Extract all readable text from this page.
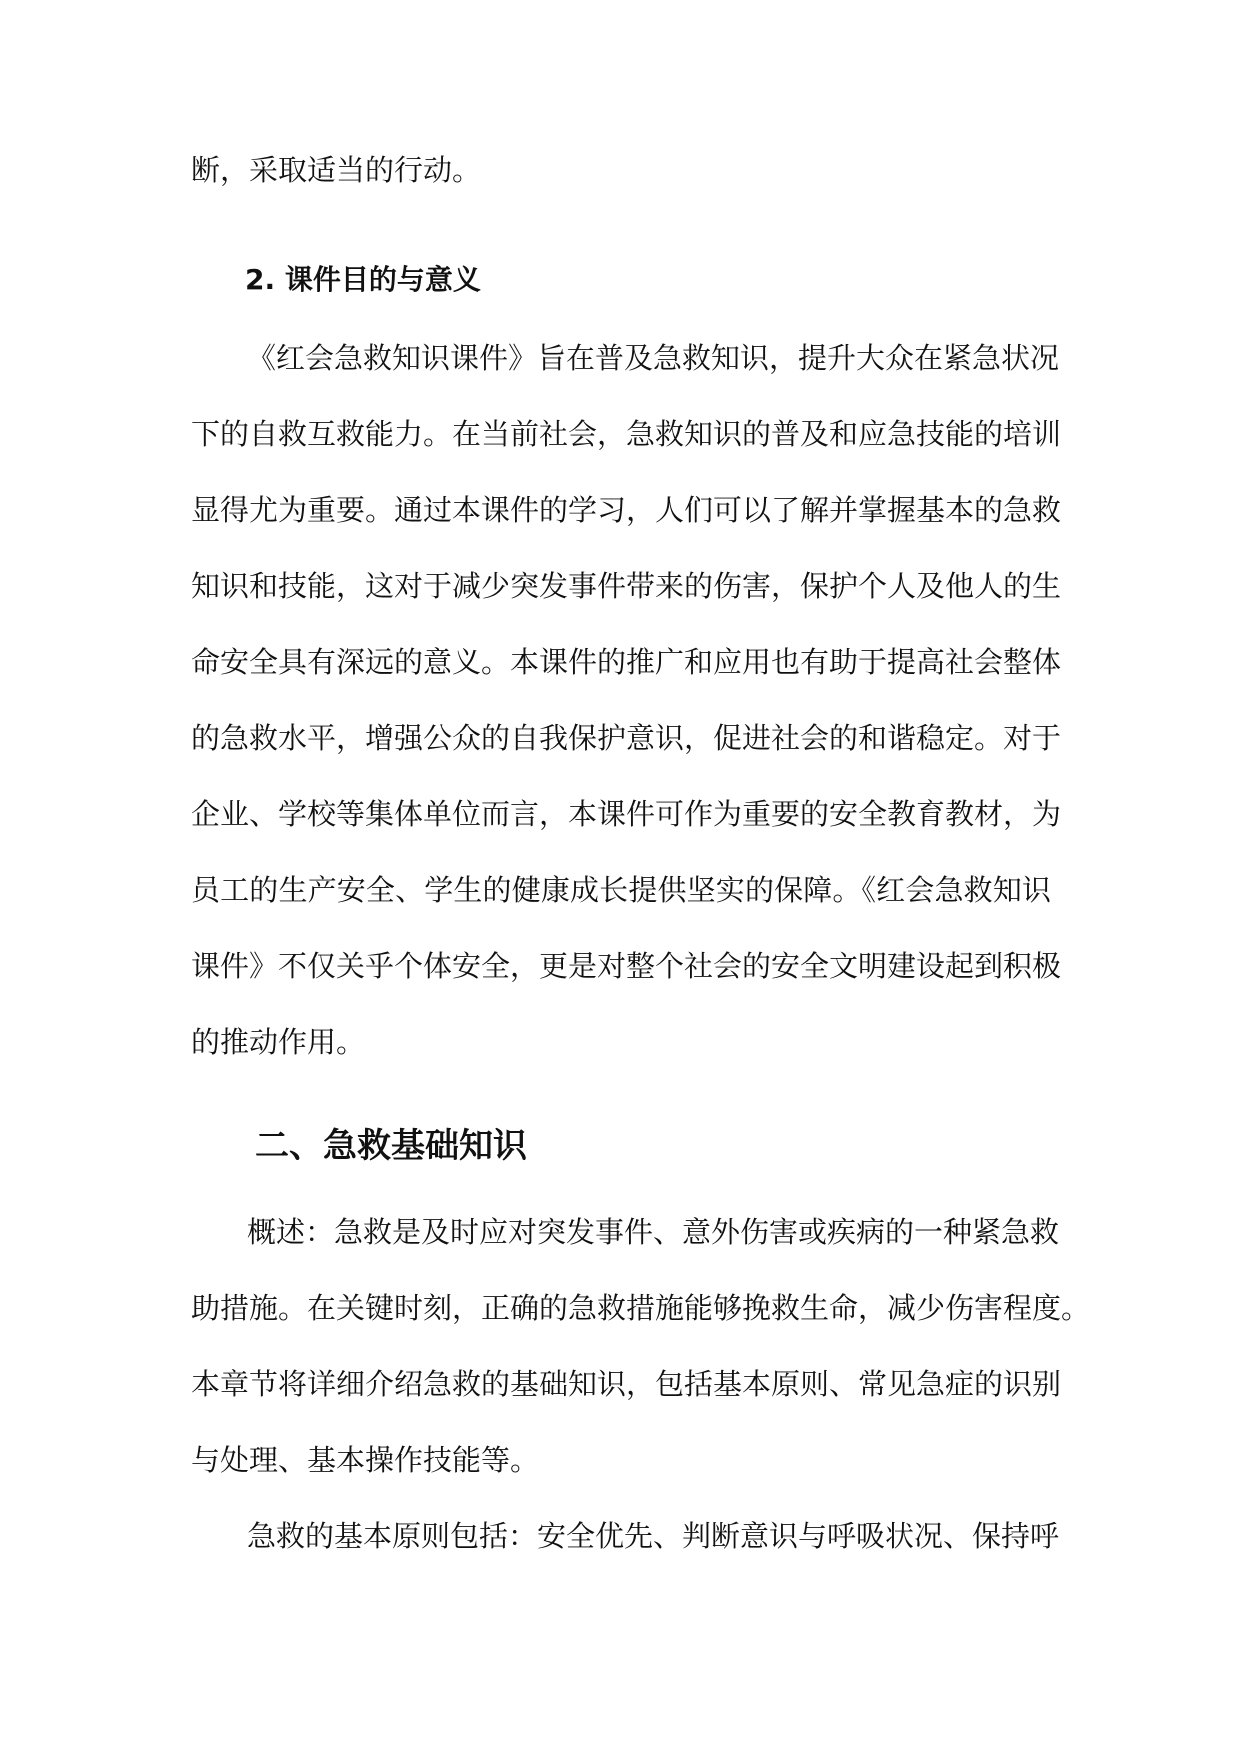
断，采取适当的行动。
2. 课件目的与意义
《红会急救知识课件》旨在普及急救知识，提升大众在紧急状况
下的自救互救能力。在当前社会，急救知识的普及和应急技能的培训
显得尤为重要。通过本课件的学习，人们可以了解并掌握基本的急救
知识和技能，这对于减少突发事件带来的伤害，保护个人及他人的生
命安全具有深远的意义。本课件的推广和应用也有助于提高社会整体
的急救水平，增强公众的自我保护意识，促进社会的和谐稳定。对于
企业、学校等集体单位而言，本课件可作为重要的安全教育教材，为
员工的生产安全、学生的健康成长提供坚实的保障。《红会急救知识
课件》不仅关乎个体安全，更是对整个社会的安全文明建设起到积极
的推动作用。
二、急救基础知识
概述：急救是及时应对突发事件、意外伤害或疾病的一种紧急救
助措施。在关键时刻，正确的急救措施能够挽救生命，减少伤害程度。
本章节将详细介绍急救的基础知识，包括基本原则、常见急症的识别
与处理、基本操作技能等。
急救的基本原则包括：安全优先、判断意识与呼吸状况、保持呼
